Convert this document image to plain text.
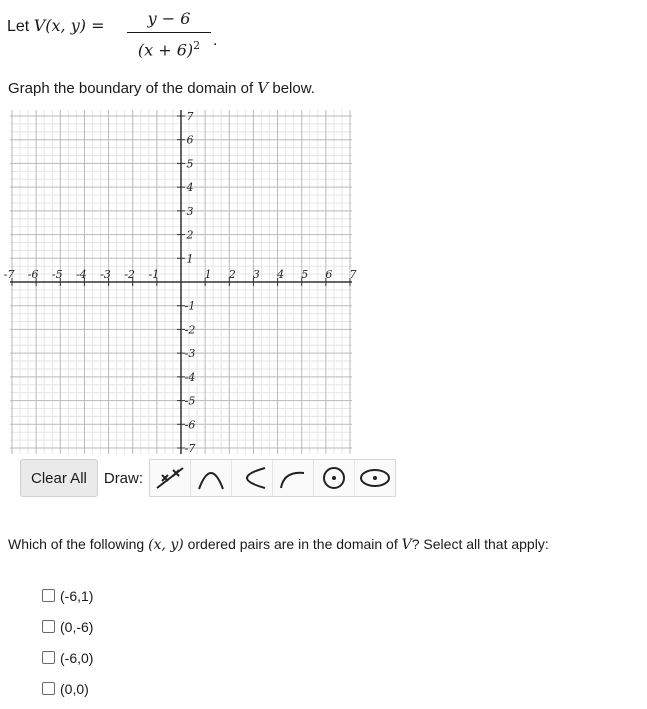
Let V(x, y) =	y − 6
$(x + 6)^2$ .
Graph the boundary of the domain of V below.
-7 -6 -5 -4 -3 -2 -1	1 2 3 4 5 6 7
-7
-6
-5
-4
-3
-2
-1
1
2
3
4
5
6
7
Clear All	Draw:
Which of the following (x, y) ordered pairs are in the domain of V? Select all that apply:
(-6,1)
(0,-6)
(-6,0)
(0,0)
